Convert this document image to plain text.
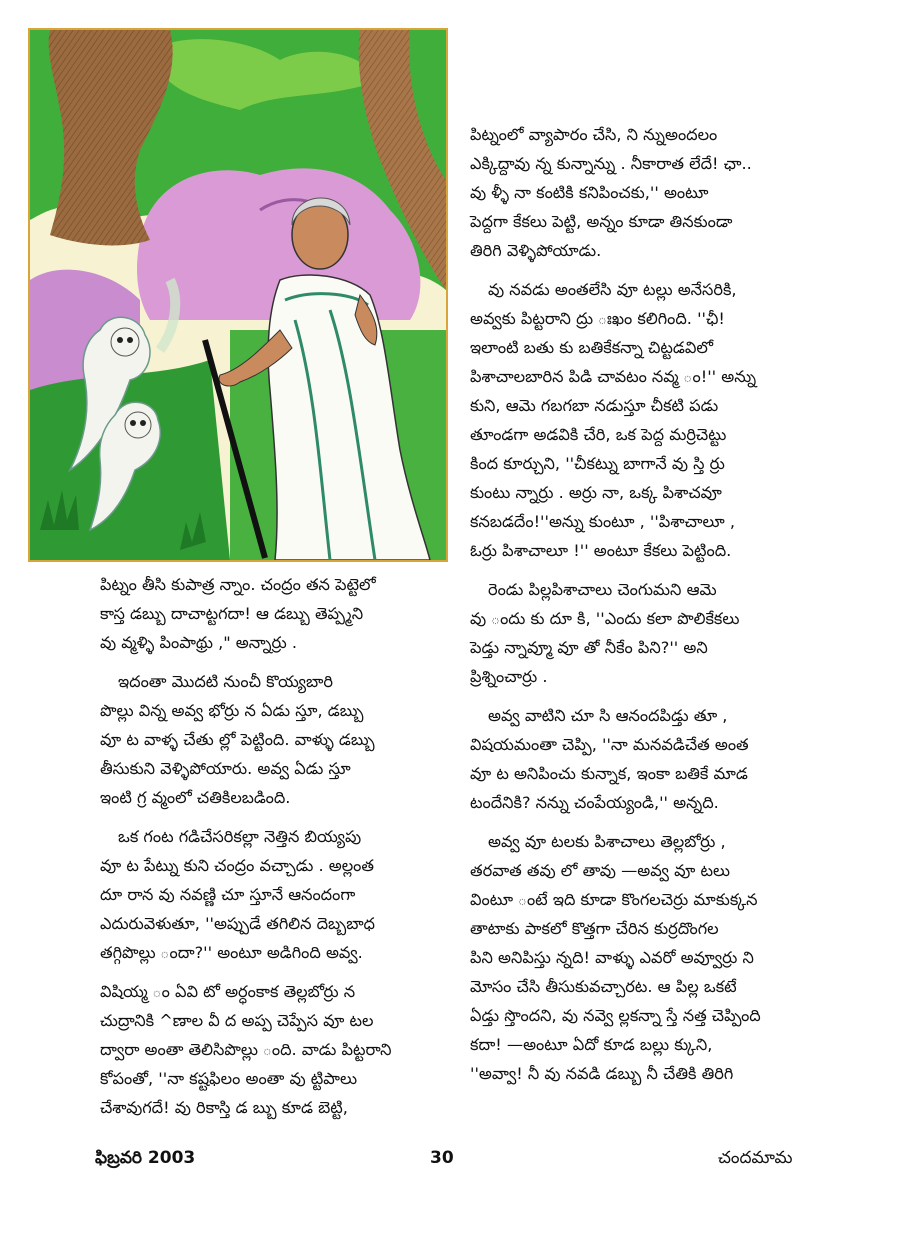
పిట్నం తీసి కుపాత్ర న్నాం. చంద్రం తన పెట్టెలో
కాస్త డబ్బు దాచాట్టగదా! ఆ డబ్బు తెప్ప్మని
వు వ్మళ్ళి పింపాథ్రు ," అన్నార్రు .

ఇదంతా మొదటి నుంచీ కొయ్యబారి
పొల్లు విన్న అవ్వ భోర్రు న ఏడు స్తూ, డబ్బు
వూ ట వాళ్ళ చేతు ల్లో పెట్టింది. వాళ్ళు డబ్బు
తీసుకుని వెళ్ళిపోయారు. అవ్వ ఏడు స్తూ
ఇంటి గ్ర వ్మంలో చతికిలబడింది.

ఒక గంట గడిచేసరికల్లా నెత్తిన బియ్యపు
వూ ట పేట్ను కుని చంద్రం వచ్చాడు . అల్లంత
దూ రాన వు నవణ్ణి చూ స్తూనే ఆనందంగా
ఎదురువెళుతూ, ''అప్పుడే తగిలిన దెబ్బబాధ
తగ్గిపొల్లు ందా?'' అంటూ అడిగింది అవ్వ.

విషియ్మ ం ఏవి టో అర్ధంకాక తెల్లబోర్రు న
చుద్రానికి ^ణాల వీ ద అప్ప చెప్పేస వూ టల
ద్వారా అంతా తెలిసిపొల్లు ంది. వాడు పిట్టరాని
కోపంతో, ''నా కష్టఫిలం అంతా వు ట్టిపాలు
చేశావుగదే! వు రికాస్తి డ బ్బు కూడ బెట్టి,

పిట్నంలో వ్యాపారం చేసి, ని న్నుఅందలం
ఎక్కిద్దావు న్న కున్నాన్ను . నీకారాత లేదే! ఛా..
వు ళ్ళీ నా కంటికి కనిపించకు,'' అంటూ
పెద్దగా కేకలు పెట్టి, అన్నం కూడా తినకుండా
తిరిగి వెళ్ళిపోయాడు.

వు నవడు అంతలేసి వూ టల్లు అనేసరికి,
అవ్వకు పిట్టరాని ద్రు ఃఖం కలిగింది. ''ఛీ!
ఇలాంటి బతు కు బతికేకన్నా చిట్టడవిలో
పిశాచాలబారిన పిడి చావటం నవ్మ ం!'' అన్ను
కుని, ఆమె గబగబా నడుస్తూ చీకటి పడు
తూండగా అడవికి చేరి, ఒక పెద్ద మర్రిచెట్టు
కింద కూర్చుని, ''చీకట్ను బాగానే వు స్తి ర్రు
కుంటు న్నార్రు . అర్రు నా, ఒక్క పిశాచవూ
కనబడదేం!''అన్ను కుంటూ , ''పిశాచాలూ ,
ఓర్రు పిశాచాలూ !'' అంటూ కేకలు పెట్టింది.

రెండు పిల్లపిశాచాలు చెంగుమని ఆమె
వు ందు కు దూ కి, ''ఎందు కలా పొలికేకలు
పెడ్తు న్నావ్మూ వూ తో నీకేం పిని?'' అని
ప్రిశ్నించార్రు .

అవ్వ వాటిని చూ సి ఆనందపిడ్తు తూ ,
విషయమంతా చెప్పి, ''నా మనవడిచేత అంత
వూ ట అనిపించు కున్నాక, ఇంకా బతికే మాడ
టందేనికి? నన్ను చంపేయ్యండి,'' అన్నది.

అవ్వ వూ టలకు పిశాచాలు తెల్లబోర్రు ,
తరవాత తవు లో తావు —అవ్వ వూ టలు
వింటూ ంటే ఇది కూడా కొంగలచెర్రు మాకుక్కన
తాటాకు పాకలో కొత్తగా చేరిన కుర్రదొంగల
పిని అనిపిస్తు న్నది! వాళ్ళు ఎవరో అవ్వూర్రు ని
మోసం చేసి తీసుకువచ్చారట. ఆ పిల్ల ఒకటే
ఏడ్తు స్తొందని, వు నవ్వె ల్లకన్నా స్తే నత్త చెప్పింది
కదా! —అంటూ ఏదో కూడ బల్లు క్కుని,
''అవ్వా! నీ వు నవడి డబ్బు నీ చేతికి తిరిగి

ఫిబ్రవరి 2003	30	చందమామ
